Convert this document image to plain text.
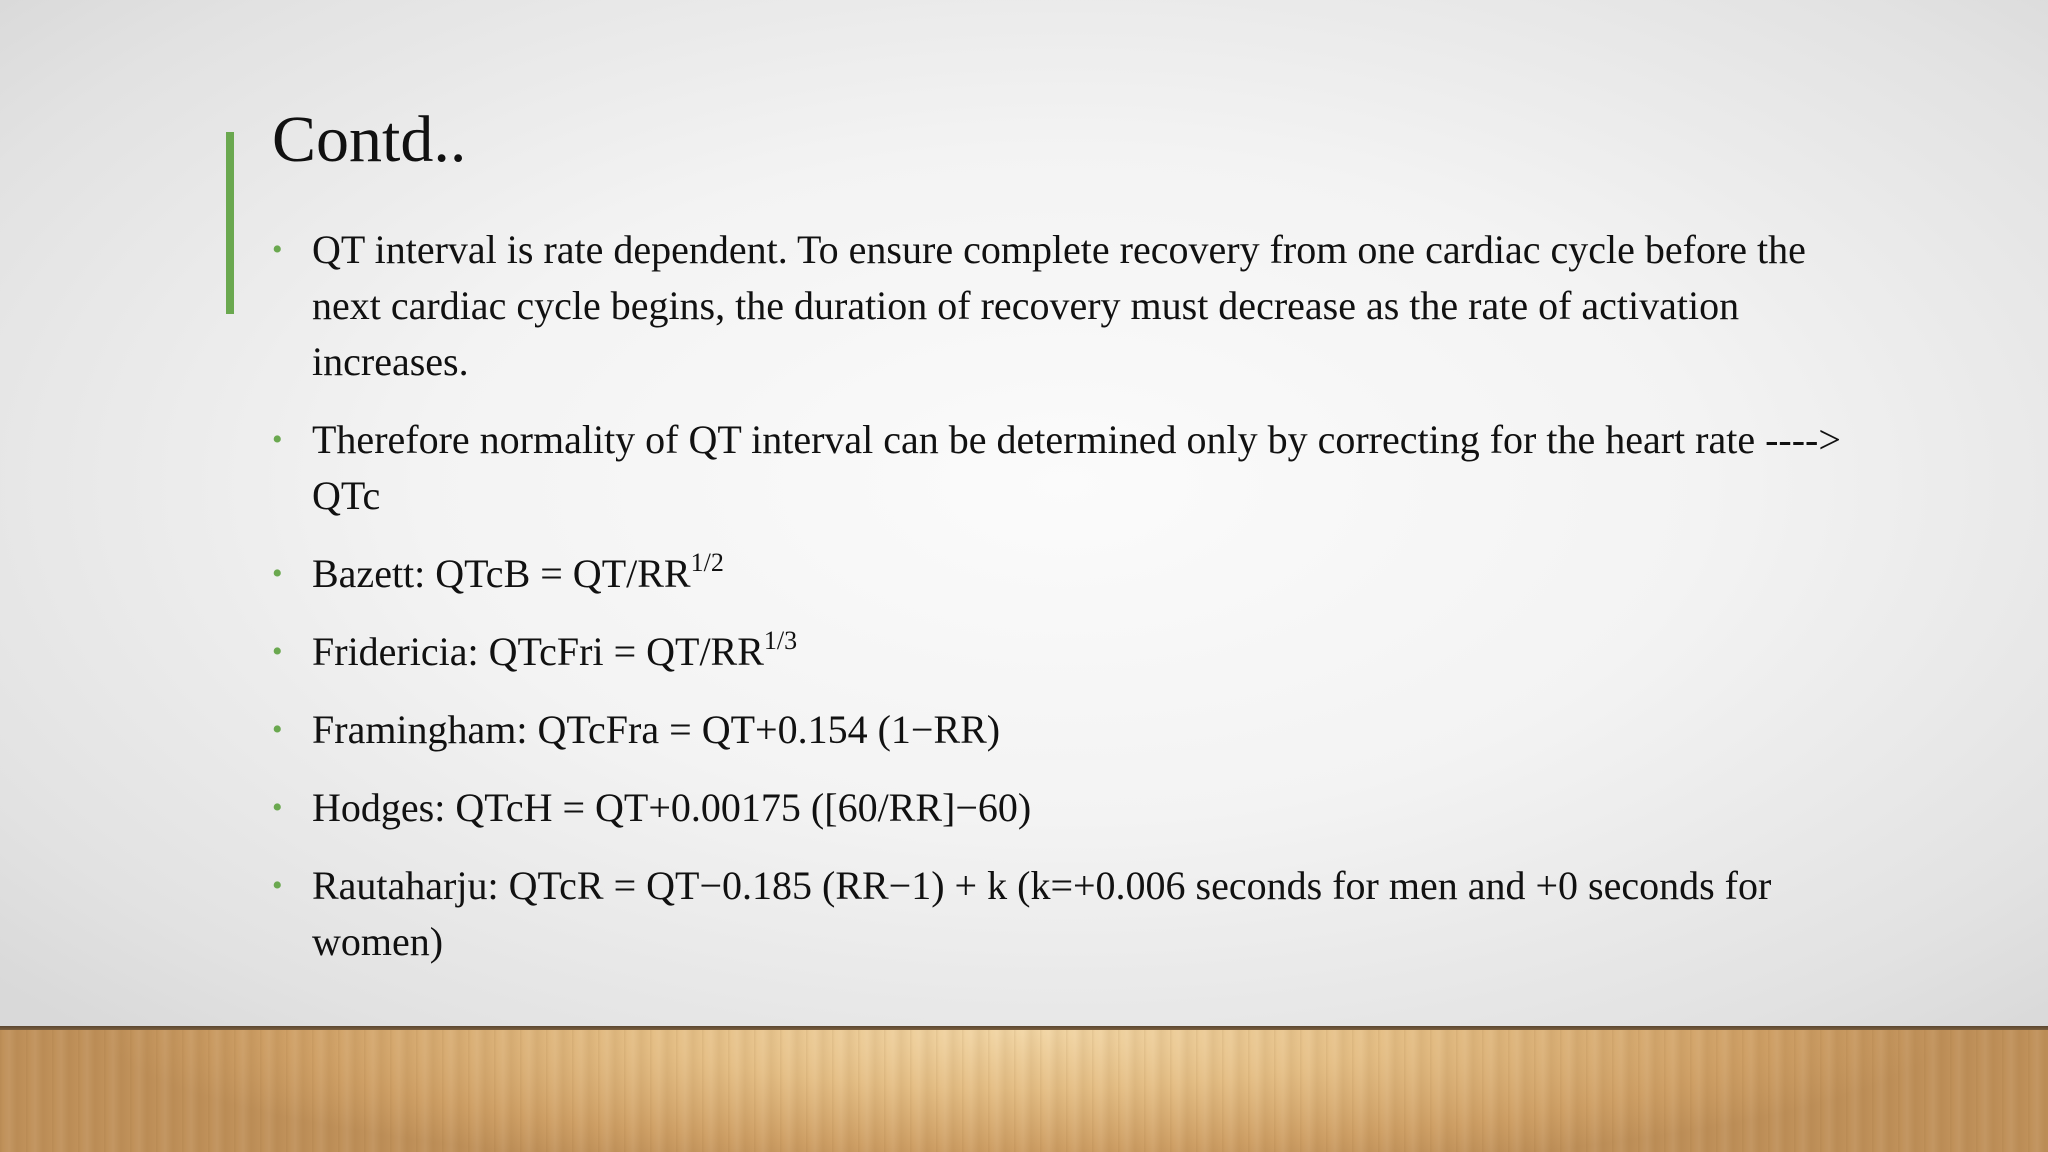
Contd..
• QT interval is rate dependent. To ensure complete recovery from one cardiac cycle before the next cardiac cycle begins, the duration of recovery must decrease as the rate of activation increases.
• Therefore normality of QT interval can be determined only by correcting for the heart rate ----> QTc
• Bazett: QTcB = $QT/RR^{1/2}$
• Fridericia: QTcFri = $QT/RR^{1/3}$
• Framingham: QTcFra = QT+0.154 (1−RR)
• Hodges: QTcH = QT+0.00175 ([60/RR]−60)
• Rautaharju: QTcR = QT−0.185 (RR−1) + k (k=+0.006 seconds for men and +0 seconds for women)
